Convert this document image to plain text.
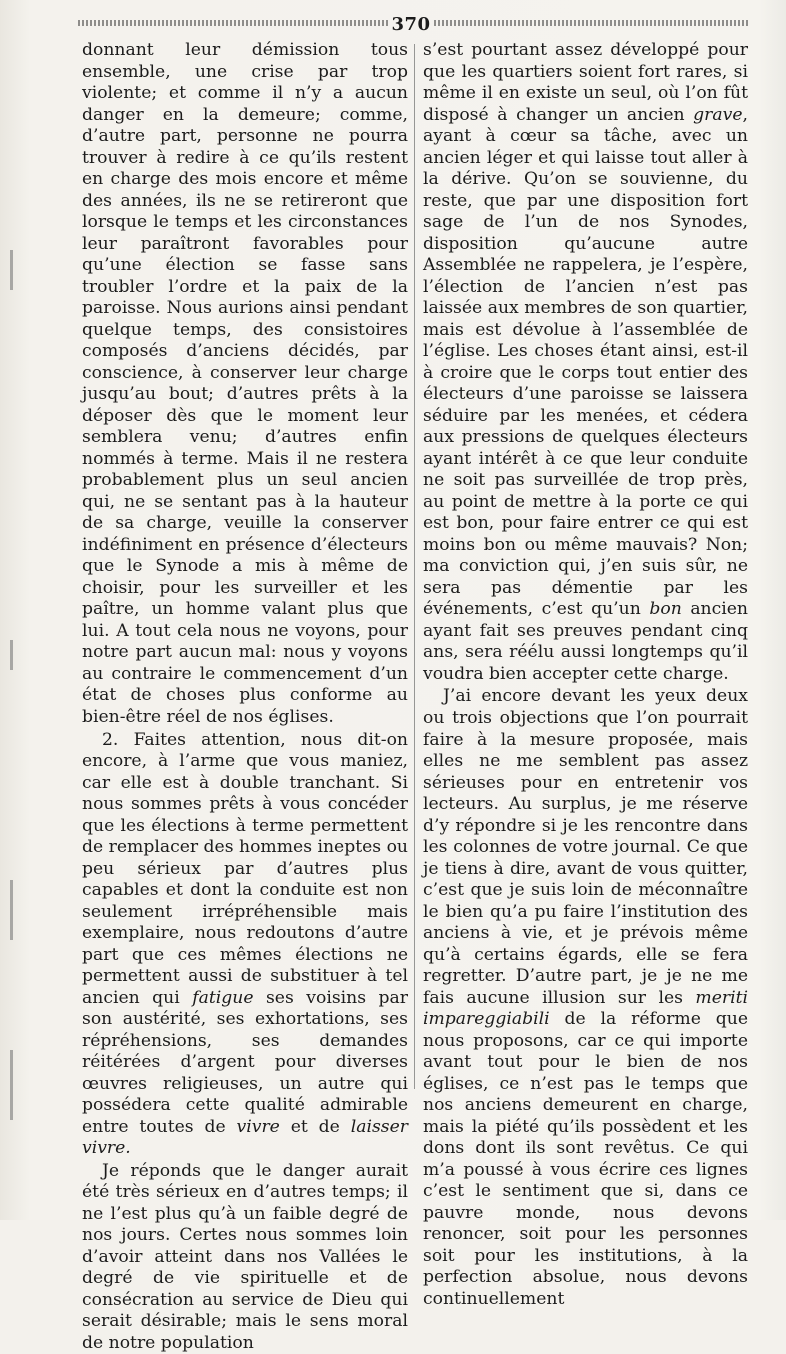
370

donnant leur démission tous ensemble, une crise par trop violente; et comme il n’y a aucun danger en la demeure; comme, d’autre part, personne ne pourra trouver à redire à ce qu’ils restent en charge des mois encore et même des années, ils ne se retireront que lorsque le temps et les circonstances leur paraîtront favorables pour qu’une élection se fasse sans troubler l’ordre et la paix de la paroisse. Nous aurions ainsi pendant quelque temps, des consistoires composés d’anciens décidés, par conscience, à conserver leur charge jusqu’au bout; d’autres prêts à la déposer dès que le moment leur semblera venu; d’autres enfin nommés à terme. Mais il ne restera probablement plus un seul ancien qui, ne se sentant pas à la hauteur de sa charge, veuille la conserver indéfiniment en présence d’électeurs que le Synode a mis à même de choisir, pour les surveiller et les paître, un homme valant plus que lui. A tout cela nous ne voyons, pour notre part aucun mal: nous y voyons au contraire le commencement d’un état de choses plus conforme au bien-être réel de nos églises.

2. Faites attention, nous dit-on encore, à l’arme que vous maniez, car elle est à double tranchant. Si nous sommes prêts à vous concéder que les élections à terme permettent de remplacer des hommes ineptes ou peu sérieux par d’autres plus capables et dont la conduite est non seulement irrépréhensible mais exemplaire, nous redoutons d’autre part que ces mêmes élections ne permettent aussi de substituer à tel ancien qui fatigue ses voisins par son austérité, ses exhortations, ses répréhensions, ses demandes réitérées d’argent pour diverses œuvres religieuses, un autre qui possédera cette qualité admirable entre toutes de vivre et de laisser vivre.

Je réponds que le danger aurait été très sérieux en d’autres temps; il ne l’est plus qu’à un faible degré de nos jours. Certes nous sommes loin d’avoir atteint dans nos Vallées le degré de vie spirituelle et de consécration au service de Dieu qui serait désirable; mais le sens moral de notre population

s’est pourtant assez développé pour que les quartiers soient fort rares, si même il en existe un seul, où l’on fût disposé à changer un ancien grave, ayant à cœur sa tâche, avec un ancien léger et qui laisse tout aller à la dérive. Qu’on se souvienne, du reste, que par une disposition fort sage de l’un de nos Synodes, disposition qu’aucune autre Assemblée ne rappelera, je l’espère, l’élection de l’ancien n’est pas laissée aux membres de son quartier, mais est dévolue à l’assemblée de l’église. Les choses étant ainsi, est-il à croire que le corps tout entier des électeurs d’une paroisse se laissera séduire par les menées, et cédera aux pressions de quelques électeurs ayant intérêt à ce que leur conduite ne soit pas surveillée de trop près, au point de mettre à la porte ce qui est bon, pour faire entrer ce qui est moins bon ou même mauvais? Non; ma conviction qui, j’en suis sûr, ne sera pas démentie par les événements, c’est qu’un bon ancien ayant fait ses preuves pendant cinq ans, sera réélu aussi longtemps qu’il voudra bien accepter cette charge.

J’ai encore devant les yeux deux ou trois objections que l’on pourrait faire à la mesure proposée, mais elles ne me semblent pas assez sérieuses pour en entretenir vos lecteurs. Au surplus, je me réserve d’y répondre si je les rencontre dans les colonnes de votre journal. Ce que je tiens à dire, avant de vous quitter, c’est que je suis loin de méconnaître le bien qu’a pu faire l’institution des anciens à vie, et je prévois même qu’à certains égards, elle se fera regretter. D’autre part, je je ne me fais aucune illusion sur les meriti impareggiabili de la réforme que nous proposons, car ce qui importe avant tout pour le bien de nos églises, ce n’est pas le temps que nos anciens demeurent en charge, mais la piété qu’ils possèdent et les dons dont ils sont revêtus. Ce qui m’a poussé à vous écrire ces lignes c’est le sentiment que si, dans ce pauvre monde, nous devons renoncer, soit pour les personnes soit pour les institutions, à la perfection absolue, nous devons continuellement
